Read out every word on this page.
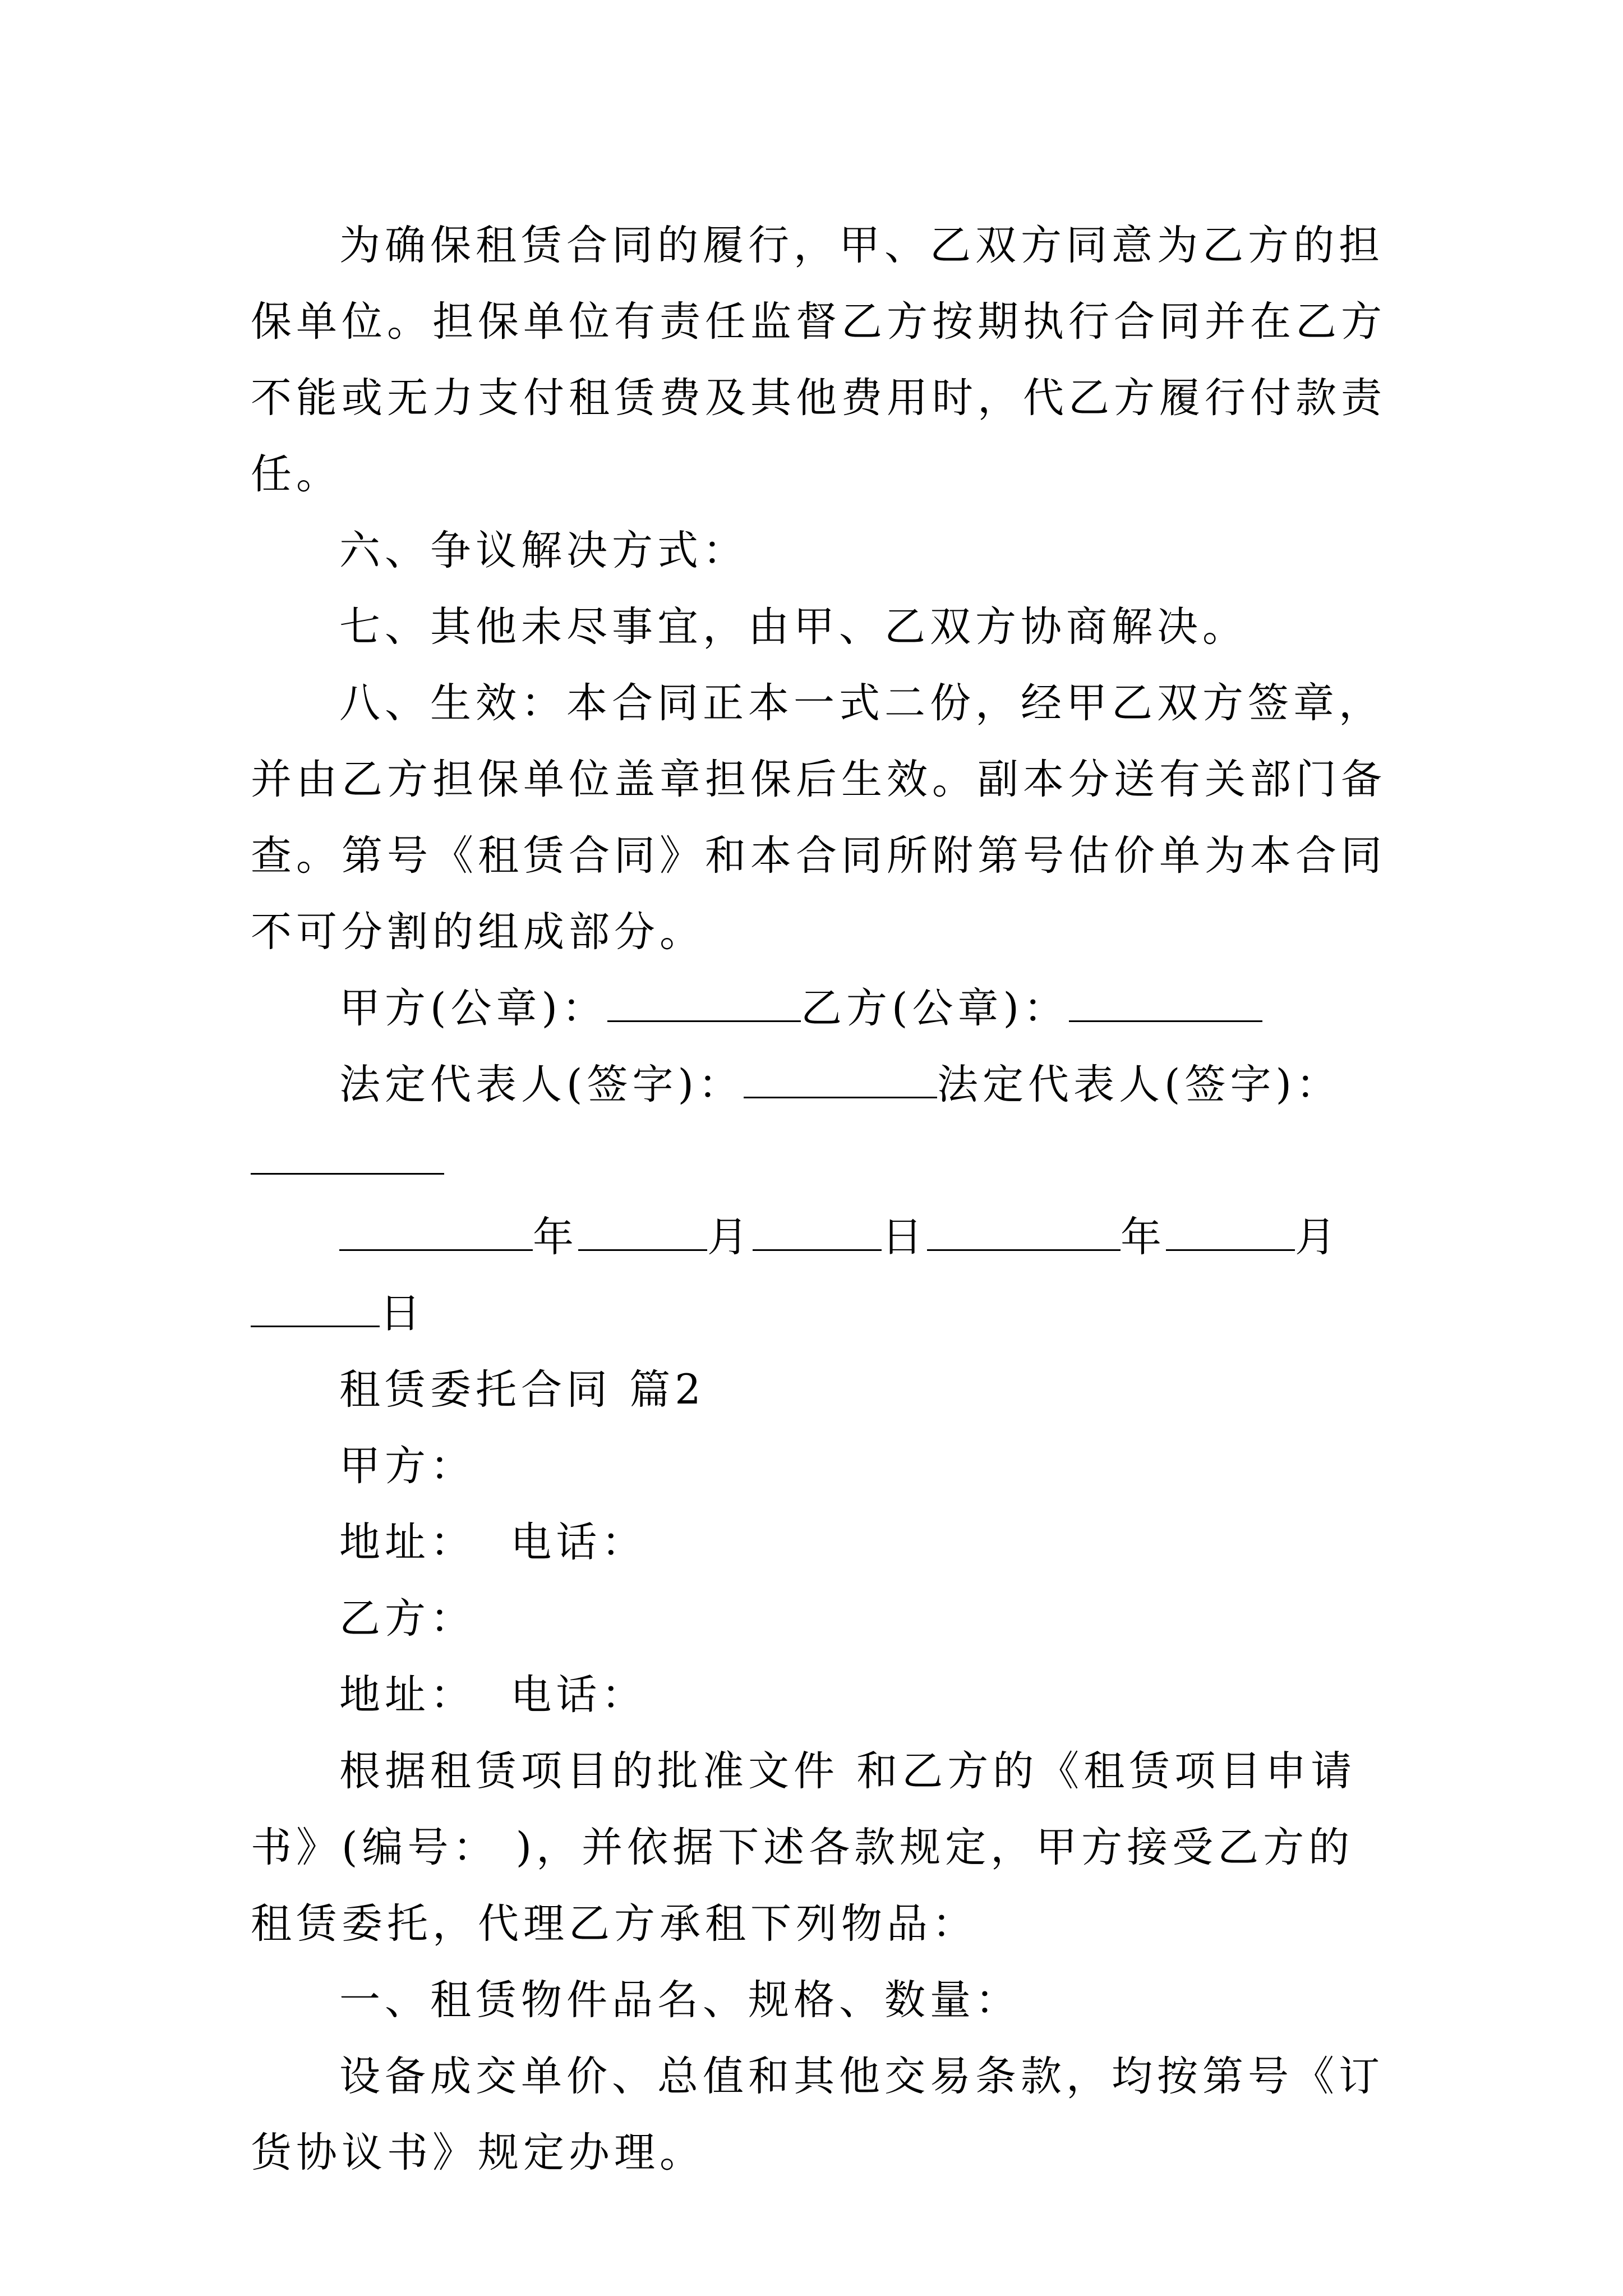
为确保租赁合同的履行，甲、乙双方同意为乙方的担保单位。担保单位有责任监督乙方按期执行合同并在乙方不能或无力支付租赁费及其他费用时，代乙方履行付款责任。

六、争议解决方式：

七、其他未尽事宜，由甲、乙双方协商解决。

八、生效：本合同正本一式二份，经甲乙双方签章，并由乙方担保单位盖章担保后生效。副本分送有关部门备查。第号《租赁合同》和本合同所附第号估价单为本合同不可分割的组成部分。

甲方(公章)：	乙方(公章)：

法定代表人(签字)：	法定代表人(签字)：

年	月	日	年	月日

租赁委托合同 篇2

甲方：

地址： 电话：

乙方：

地址： 电话：

根据租赁项目的批准文件 和乙方的《租赁项目申请书》(编号： )，并依据下述各款规定，甲方接受乙方的租赁委托，代理乙方承租下列物品：

一、租赁物件品名、规格、数量：

设备成交单价、总值和其他交易条款，均按第号《订货协议书》规定办理。
